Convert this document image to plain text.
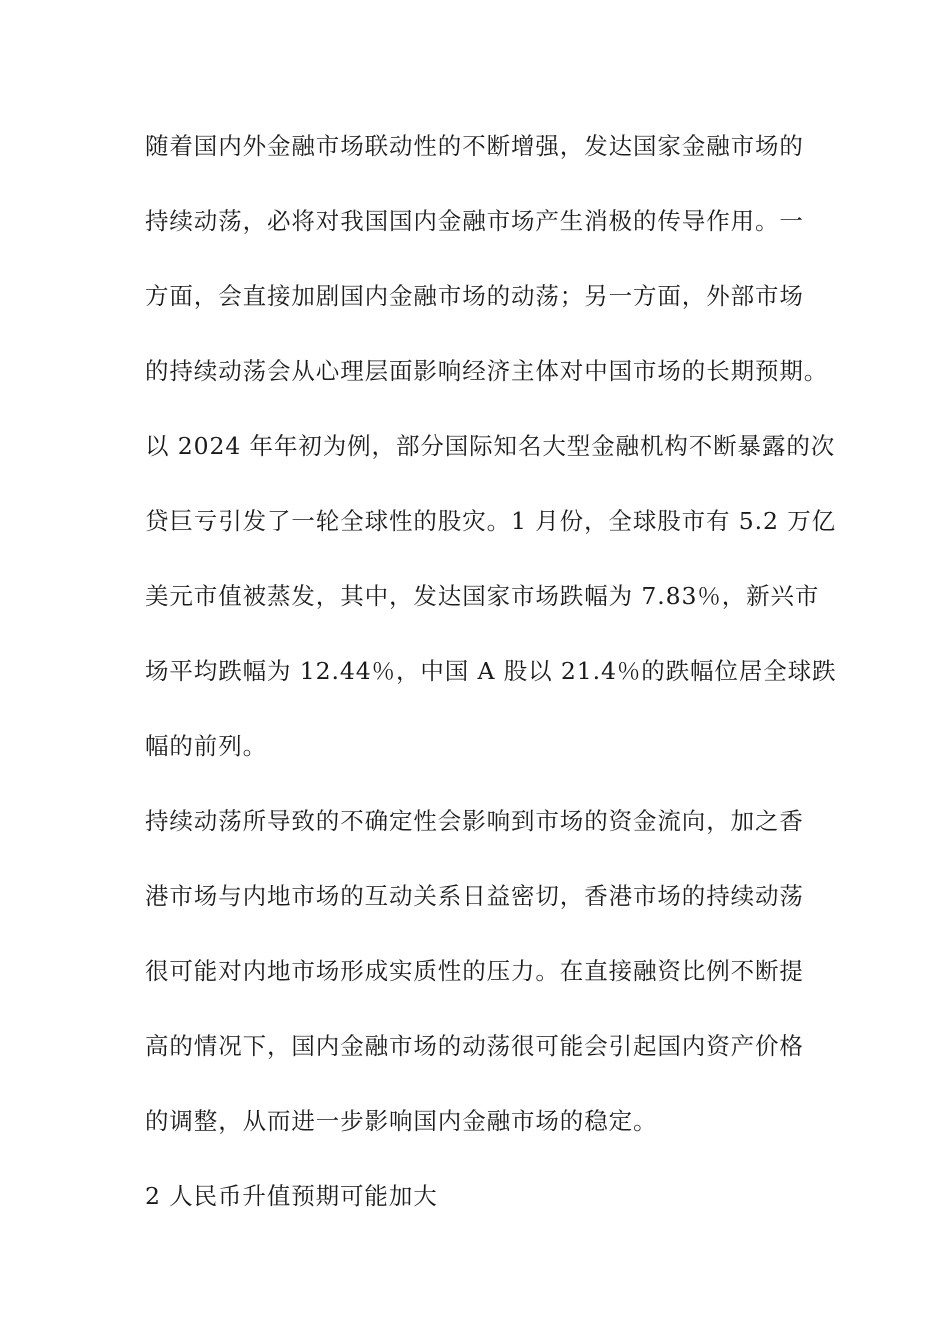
随着国内外金融市场联动性的不断增强，发达国家金融市场的
持续动荡，必将对我国国内金融市场产生消极的传导作用。一
方面，会直接加剧国内金融市场的动荡；另一方面，外部市场
的持续动荡会从心理层面影响经济主体对中国市场的长期预期。
以 2024 年年初为例，部分国际知名大型金融机构不断暴露的次
贷巨亏引发了一轮全球性的股灾。1 月份，全球股市有 5.2 万亿
美元市值被蒸发，其中，发达国家市场跌幅为 7.83％，新兴市
场平均跌幅为 12.44％，中国 A 股以 21.4％的跌幅位居全球跌
幅的前列。
持续动荡所导致的不确定性会影响到市场的资金流向，加之香
港市场与内地市场的互动关系日益密切，香港市场的持续动荡
很可能对内地市场形成实质性的压力。在直接融资比例不断提
高的情况下，国内金融市场的动荡很可能会引起国内资产价格
的调整，从而进一步影响国内金融市场的稳定。
2 人民币升值预期可能加大
